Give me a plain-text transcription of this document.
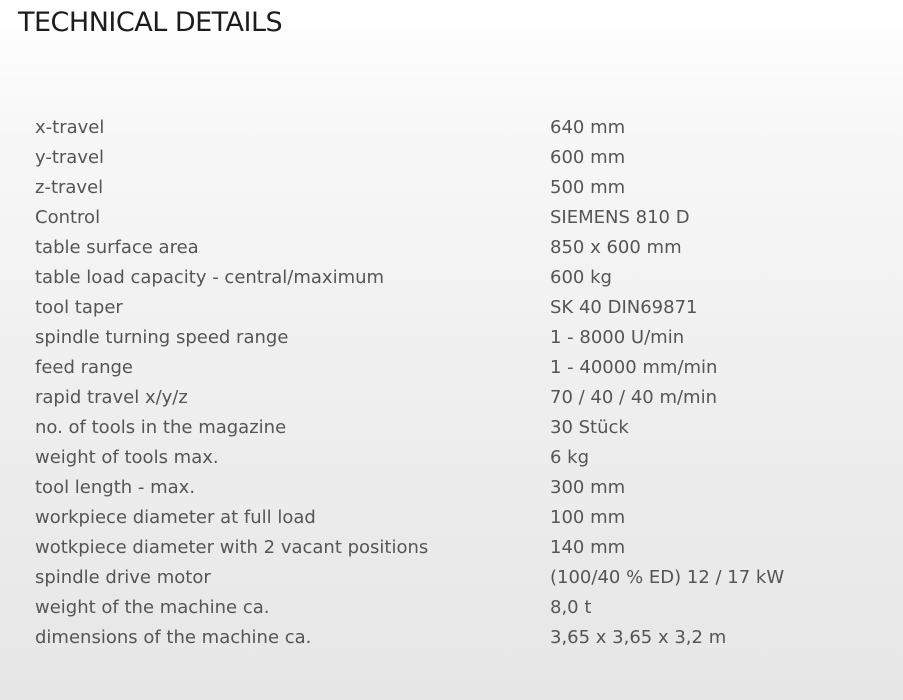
TECHNICAL DETAILS
x-travel	640 mm
y-travel	600 mm
z-travel	500 mm
Control	SIEMENS 810 D
table surface area	850 x 600 mm
table load capacity - central/maximum	600 kg
tool taper	SK 40 DIN69871
spindle turning speed range	1 - 8000 U/min
feed range	1 - 40000 mm/min
rapid travel x/y/z	70 / 40 / 40 m/min
no. of tools in the magazine	30 Stück
weight of tools max.	6 kg
tool length - max.	300 mm
workpiece diameter at full load	100 mm
wotkpiece diameter with 2 vacant positions	140 mm
spindle drive motor	(100/40 % ED) 12 / 17 kW
weight of the machine ca.	8,0 t
dimensions of the machine ca.	3,65 x 3,65 x 3,2 m
